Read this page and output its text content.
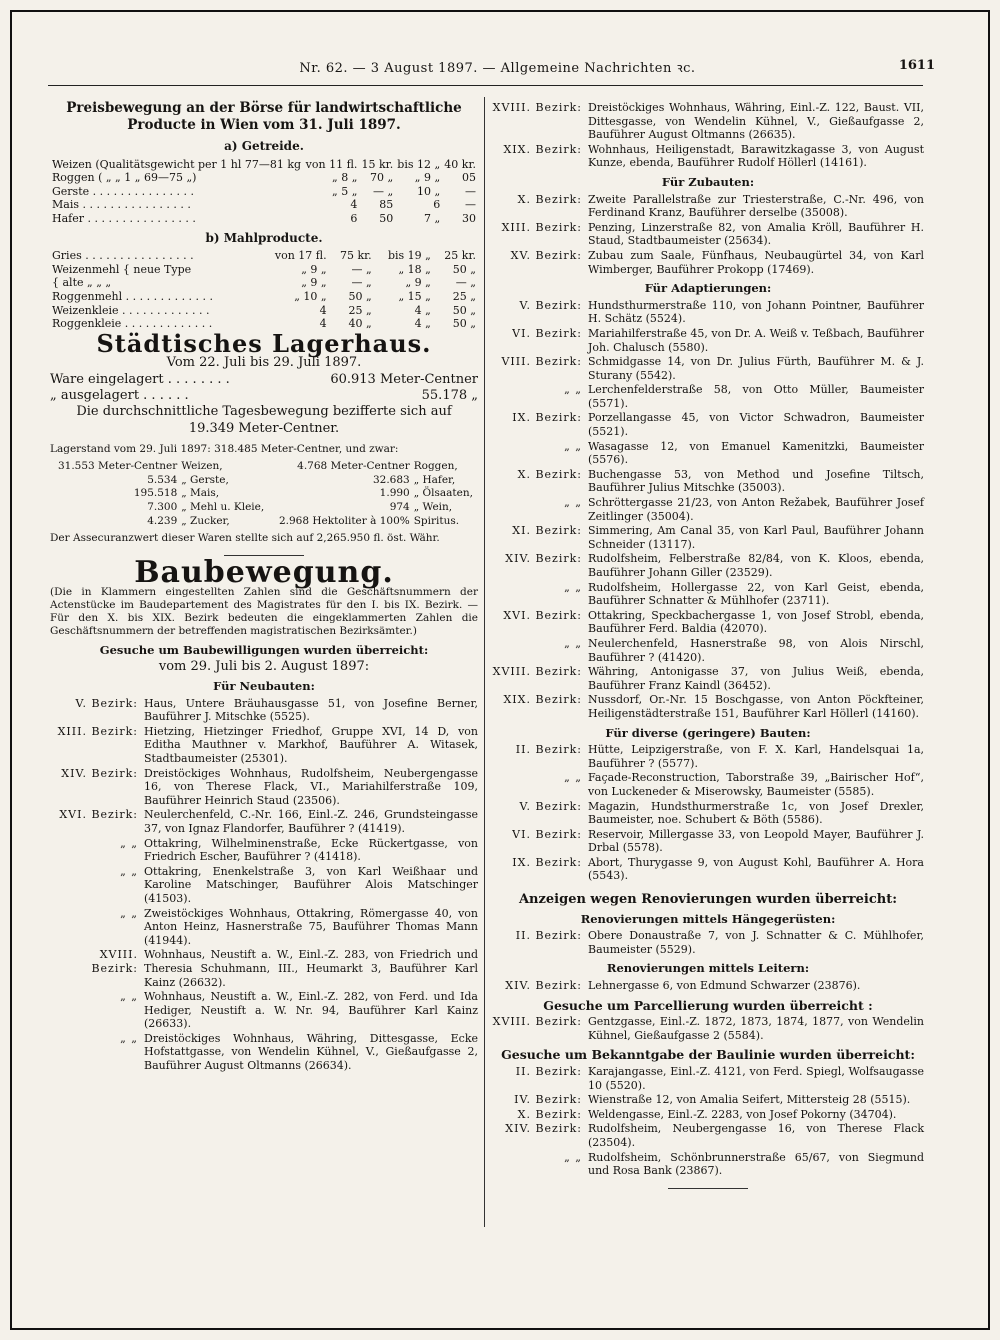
Nr. 62. — 3 August 1897. — Allgemeine Nachrichten ꝛc.	1611
Preisbewegung an der Börse für landwirtschaftliche
Producte in Wien vom 31. Juli 1897.
a) Getreide.
Weizen (Qualitätsgewicht per 1 hl 77—81 kg	von 11 fl.	15 kr.	bis 12 „	40 kr.
Roggen ( „ „ 1 „ 69—75 „)	„ 8 „	70 „	„ 9 „	05
Gerste . . . . . . . . . . . . . . .	„ 5 „	— „	10 „	—
Mais . . . . . . . . . . . . . . . .	4	85	6	—
Hafer . . . . . . . . . . . . . . . .	6	50	7 „	30
b) Mahlproducte.
Gries . . . . . . . . . . . . . . . .	von 17 fl.	75 kr.	bis 19 „	25 kr.
Weizenmehl { neue Type	„ 9 „	— „	„ 18 „	50 „
{ alte „ „ „	„ 9 „	— „	„ 9 „	— „
Roggenmehl . . . . . . . . . . . . .	„ 10 „	50 „	„ 15 „	25 „
Weizenkleie . . . . . . . . . . . . .	4	25 „	4 „	50 „
Roggenkleie . . . . . . . . . . . . .	4	40 „	4 „	50 „
Städtisches Lagerhaus.
Vom 22. Juli bis 29. Juli 1897.
Ware eingelagert . . . . . . . .	60.913 Meter-Centner
„ ausgelagert . . . . . .	55.178 „
Die durchschnittliche Tagesbewegung bezifferte sich auf
19.349 Meter-Centner.
Lagerstand vom 29. Juli 1897: 318.485 Meter-Centner, und zwar:
31.553 Meter-Centner	Weizen,	4.768 Meter-Centner	Roggen,
5.534	„ Gerste,	32.683	„ Hafer,
195.518	„ Mais,	1.990	„ Ölsaaten,
7.300	„ Mehl u. Kleie,	974	„ Wein,
4.239	„ Zucker,	2.968 Hektoliter à 100%	Spiritus.
Der Assecuranzwert dieser Waren stellte sich auf 2,265.950 fl. öst. Währ.
Baubewegung.
(Die in Klammern eingestellten Zahlen sind die Geschäftsnummern der Actenstücke im Baudepartement des Magistrates für den I. bis IX. Bezirk. — Für den X. bis XIX. Bezirk bedeuten die eingeklammerten Zahlen die Geschäftsnummern der betreffenden magistratischen Bezirksämter.)
Gesuche um Baubewilligungen wurden überreicht:
vom 29. Juli bis 2. August 1897:
Für Neubauten:
V. Bezirk: Haus, Untere Bräuhausgasse 51, von Josefine Berner, Bauführer J. Mitschke (5525).
XIII. Bezirk: Hietzing, Hietzinger Friedhof, Gruppe XVI, 14 D, von Editha Mauthner v. Markhof, Bauführer A. Witasek, Stadtbaumeister (25301).
XIV. Bezirk: Dreistöckiges Wohnhaus, Rudolfsheim, Neubergengasse 16, von Therese Flack, VI., Mariahilferstraße 109, Bauführer Heinrich Staud (23506).
XVI. Bezirk: Neulerchenfeld, C.-Nr. 166, Einl.-Z. 246, Grundsteingasse 37, von Ignaz Flandorfer, Bauführer ? (41419).
„ „ Ottakring, Wilhelminenstraße, Ecke Rückertgasse, von Friedrich Escher, Bauführer ? (41418).
„ „ Ottakring, Enenkelstraße 3, von Karl Weißhaar und Karoline Matschinger, Bauführer Alois Matschinger (41503).
„ „ Zweistöckiges Wohnhaus, Ottakring, Römergasse 40, von Anton Heinz, Hasnerstraße 75, Bauführer Thomas Mann (41944).
XVIII. Bezirk:
Wohnhaus, Neustift a. W., Einl.-Z. 283, von Friedrich und Theresia Schuhmann, III., Heumarkt 3, Bauführer Karl Kainz (26632).
„ „ Wohnhaus, Neustift a. W., Einl.-Z. 282, von Ferd. und Ida Hediger, Neustift a. W. Nr. 94, Bauführer Karl Kainz (26633).
„ „ Dreistöckiges Wohnhaus, Währing, Dittesgasse, Ecke Hofstattgasse, von Wendelin Kühnel, V., Gießaufgasse 2, Bauführer August Oltmanns (26634).
XVIII. Bezirk: Dreistöckiges Wohnhaus, Währing, Einl.-Z. 122, Baust. VII, Dittesgasse, von Wendelin Kühnel, V., Gießaufgasse 2, Bauführer August Oltmanns (26635).
XIX. Bezirk: Wohnhaus, Heiligenstadt, Barawitzkagasse 3, von August Kunze, ebenda, Bauführer Rudolf Höllerl (14161).
Für Zubauten:
X. Bezirk: Zweite Parallelstraße zur Triesterstraße, C.-Nr. 496, von Ferdinand Kranz, Bauführer derselbe (35008).
XIII. Bezirk: Penzing, Linzerstraße 82, von Amalia Kröll, Bauführer H. Staud, Stadtbaumeister (25634).
XV. Bezirk: Zubau zum Saale, Fünfhaus, Neubaugürtel 34, von Karl Wimberger, Bauführer Prokopp (17469).
Für Adaptierungen:
V. Bezirk: Hundsthurmerstraße 110, von Johann Pointner, Bauführer H. Schätz (5524).
VI. Bezirk: Mariahilferstraße 45, von Dr. A. Weiß v. Teßbach, Bauführer Joh. Chalusch (5580).
VIII. Bezirk: Schmidgasse 14, von Dr. Julius Fürth, Bauführer M. & J. Sturany (5542).
„ „ Lerchenfelderstraße 58, von Otto Müller, Baumeister (5571).
IX. Bezirk: Porzellangasse 45, von Victor Schwadron, Baumeister (5521).
„ „ Wasagasse 12, von Emanuel Kamenitzki, Baumeister (5576).
X. Bezirk: Buchengasse 53, von Method und Josefine Tiltsch, Bauführer Julius Mitschke (35003).
„ „ Schröttergasse 21/23, von Anton Režabek, Bauführer Josef Zeitlinger (35004).
XI. Bezirk: Simmering, Am Canal 35, von Karl Paul, Bauführer Johann Schneider (13117).
XIV. Bezirk: Rudolfsheim, Felberstraße 82/84, von K. Kloos, ebenda, Bauführer Johann Giller (23529).
„ „ Rudolfsheim, Hollergasse 22, von Karl Geist, ebenda, Bauführer Schnatter & Mühlhofer (23711).
XVI. Bezirk: Ottakring, Speckbachergasse 1, von Josef Strobl, ebenda, Bauführer Ferd. Baldia (42070).
„ „ Neulerchenfeld, Hasnerstraße 98, von Alois Nirschl, Bauführer ? (41420).
XVIII. Bezirk: Währing, Antonigasse 37, von Julius Weiß, ebenda, Bauführer Franz Kaindl (36452).
XIX. Bezirk: Nussdorf, Or.-Nr. 15 Boschgasse, von Anton Pöckfteiner, Heiligenstädterstraße 151, Bauführer Karl Höllerl (14160).
Für diverse (geringere) Bauten:
II. Bezirk: Hütte, Leipzigerstraße, von F. X. Karl, Handelsquai 1a, Bauführer ? (5577).
„ „ Façade-Reconstruction, Taborstraße 39, „Bairischer Hof“, von Luckeneder & Miserowsky, Baumeister (5585).
V. Bezirk: Magazin, Hundsthurmerstraße 1c, von Josef Drexler, Baumeister, noe. Schubert & Böth (5586).
VI. Bezirk: Reservoir, Millergasse 33, von Leopold Mayer, Bauführer J. Drbal (5578).
IX. Bezirk: Abort, Thurygasse 9, von August Kohl, Bauführer A. Hora (5543).
Anzeigen wegen Renovierungen wurden überreicht:
Renovierungen mittels Hängegerüsten:
II. Bezirk: Obere Donaustraße 7, von J. Schnatter & C. Mühlhofer, Baumeister (5529).
Renovierungen mittels Leitern:
XIV. Bezirk: Lehnergasse 6, von Edmund Schwarzer (23876).
Gesuche um Parcellierung wurden überreicht :
XVIII. Bezirk: Gentzgasse, Einl.-Z. 1872, 1873, 1874, 1877, von Wendelin Kühnel, Gießaufgasse 2 (5584).
Gesuche um Bekanntgabe der Baulinie wurden überreicht:
II. Bezirk: Karajangasse, Einl.-Z. 4121, von Ferd. Spiegl, Wolfsaugasse 10 (5520).
IV. Bezirk: Wienstraße 12, von Amalia Seifert, Mittersteig 28 (5515).
X. Bezirk: Weldengasse, Einl.-Z. 2283, von Josef Pokorny (34704).
XIV. Bezirk: Rudolfsheim, Neubergengasse 16, von Therese Flack (23504).
„ „ Rudolfsheim, Schönbrunnerstraße 65/67, von Siegmund und Rosa Bank (23867).
